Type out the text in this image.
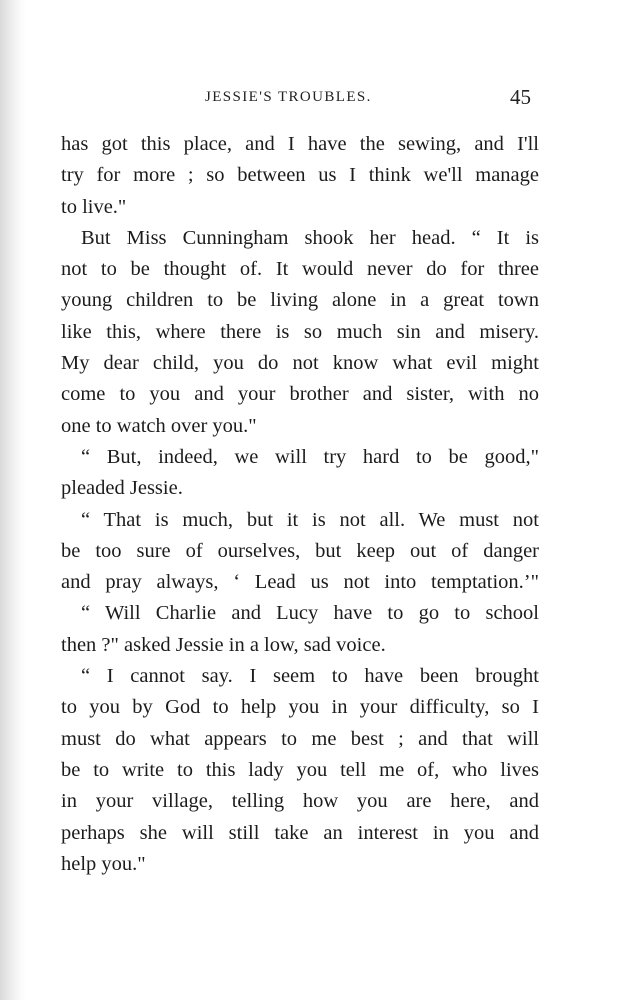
JESSIE'S TROUBLES.	45
has got this place, and I have the sewing, and I'll
try for more ; so between us I think we'll manage
to live."
But Miss Cunningham shook her head. “ It is
not to be thought of. It would never do for three
young children to be living alone in a great town
like this, where there is so much sin and misery.
My dear child, you do not know what evil might
come to you and your brother and sister, with no
one to watch over you."
“ But, indeed, we will try hard to be good,"
pleaded Jessie.
“ That is much, but it is not all. We must not
be too sure of ourselves, but keep out of danger
and pray always, ‘ Lead us not into temptation.’"
“ Will Charlie and Lucy have to go to school
then ?" asked Jessie in a low, sad voice.
“ I cannot say. I seem to have been brought
to you by God to help you in your difficulty, so I
must do what appears to me best ; and that will
be to write to this lady you tell me of, who lives
in your village, telling how you are here, and
perhaps she will still take an interest in you and
help you."
